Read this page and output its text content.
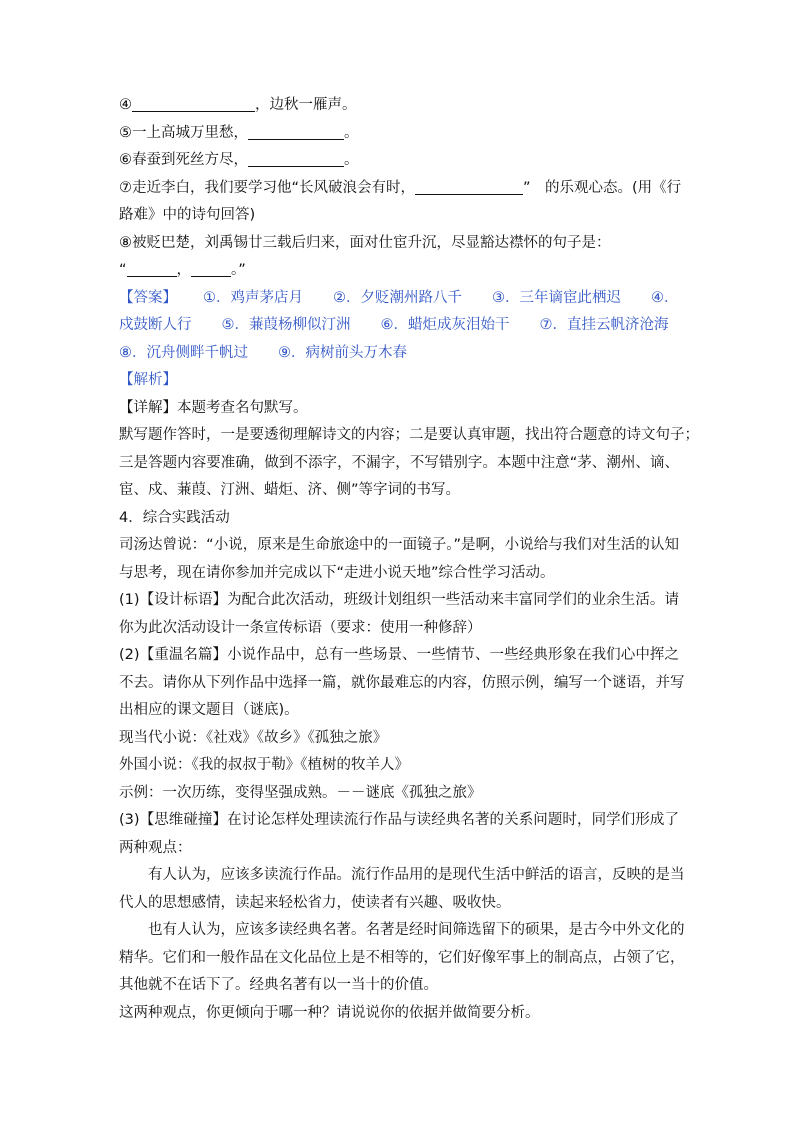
④	，边秋一雁声。
⑤一上高城万里愁，	。
⑥春蚕到死丝方尽，	。
⑦走近李白，我们要学习他“长风破浪会有时，	”　的乐观心态。(用《行
路难》中的诗句回答)
⑧被贬巴楚，刘禹锡廿三载后归来，面对仕宦升沉，尽显豁达襟怀的句子是：
“	，	。”
【答案】 ①．鸡声茅店月 ②．夕贬潮州路八千 ③．三年谪宦此栖迟 ④．
戍鼓断人行 ⑤．蒹葭杨柳似汀洲 ⑥．蜡炬成灰泪始干 ⑦．直挂云帆济沧海
⑧．沉舟侧畔千帆过 ⑨．病树前头万木春
【解析】
【详解】本题考查名句默写。
默写题作答时，一是要透彻理解诗文的内容；二是要认真审题，找出符合题意的诗文句子；
三是答题内容要准确，做到不添字，不漏字，不写错别字。本题中注意“茅、潮州、谪、
宦、戍、蒹葭、汀洲、蜡炬、济、侧”等字词的书写。
4．综合实践活动
司汤达曾说：“小说，原来是生命旅途中的一面镜子。”是啊，小说给与我们对生活的认知
与思考，现在请你参加并完成以下“走进小说天地”综合性学习活动。
(1)【设计标语】为配合此次活动，班级计划组织一些活动来丰富同学们的业余生活。请
你为此次活动设计一条宣传标语（要求：使用一种修辞）
(2)【重温名篇】小说作品中，总有一些场景、一些情节、一些经典形象在我们心中挥之
不去。请你从下列作品中选择一篇，就你最难忘的内容，仿照示例，编写一个谜语，并写
出相应的课文题目（谜底)。
现当代小说：《社戏》《故乡》《孤独之旅》
外国小说：《我的叔叔于勒》《植树的牧羊人》
示例：一次历练，变得坚强成熟。－－谜底《孤独之旅》
(3)【思维碰撞】在讨论怎样处理读流行作品与读经典名著的关系问题时，同学们形成了
两种观点：
有人认为，应该多读流行作品。流行作品用的是现代生活中鲜活的语言，反映的是当
代人的思想感情，读起来轻松省力，使读者有兴趣、吸收快。
也有人认为，应该多读经典名著。名著是经时间筛选留下的硕果，是古今中外文化的
精华。它们和一般作品在文化品位上是不相等的，它们好像军事上的制高点，占领了它，
其他就不在话下了。经典名著有以一当十的价值。
这两种观点，你更倾向于哪一种？请说说你的依据并做简要分析。
